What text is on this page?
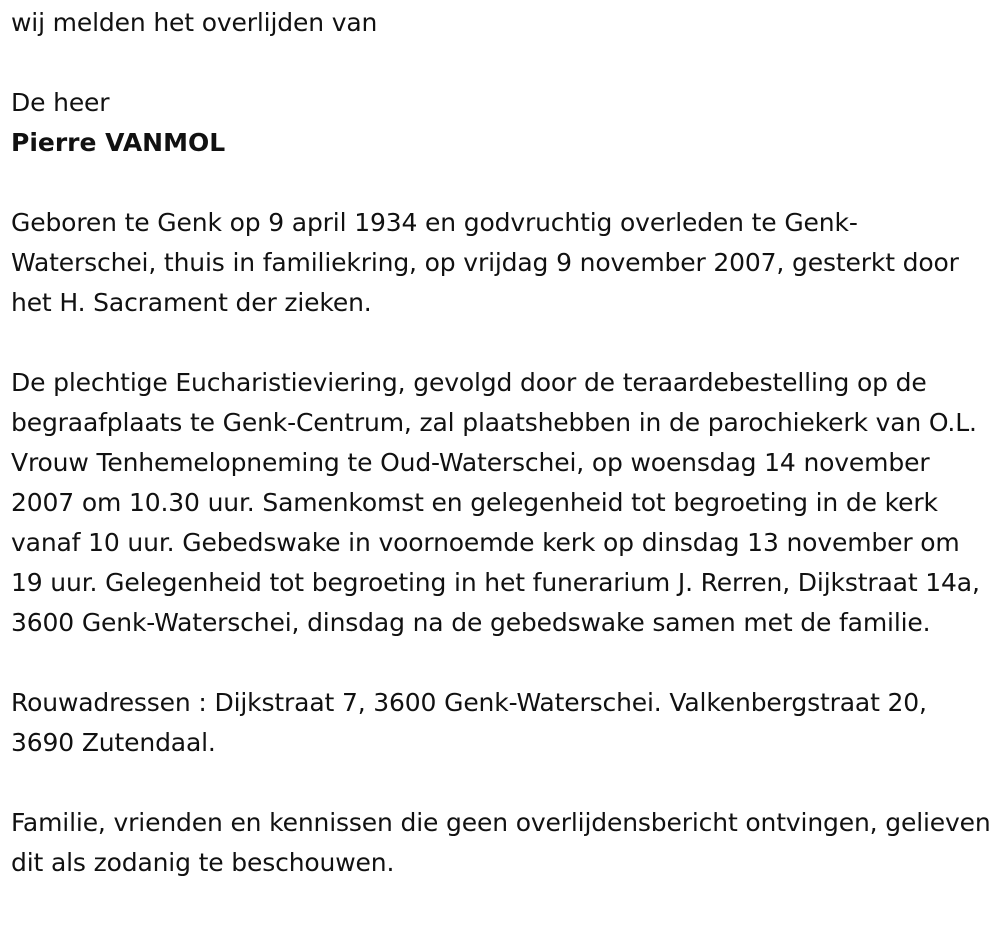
wij melden het overlijden van

De heer

Pierre VANMOL

Geboren te Genk op 9 april 1934 en godvruchtig overleden te Genk-Waterschei, thuis in familiekring, op vrijdag 9 november 2007, gesterkt door het H. Sacrament der zieken.

De plechtige Eucharistieviering, gevolgd door de teraardebestelling op de begraafplaats te Genk-Centrum, zal plaatshebben in de parochiekerk van O.L. Vrouw Tenhemelopneming te Oud-Waterschei, op woensdag 14 november 2007 om 10.30 uur. Samenkomst en gelegenheid tot begroeting in de kerk vanaf 10 uur. Gebedswake in voornoemde kerk op dinsdag 13 november om 19 uur. Gelegenheid tot begroeting in het funerarium J. Rerren, Dijkstraat 14a, 3600 Genk-Waterschei, dinsdag na de gebedswake samen met de familie.

Rouwadressen : Dijkstraat 7, 3600 Genk-Waterschei. Valkenbergstraat 20, 3690 Zutendaal.

Familie, vrienden en kennissen die geen overlijdensbericht ontvingen, gelieven dit als zodanig te beschouwen.
